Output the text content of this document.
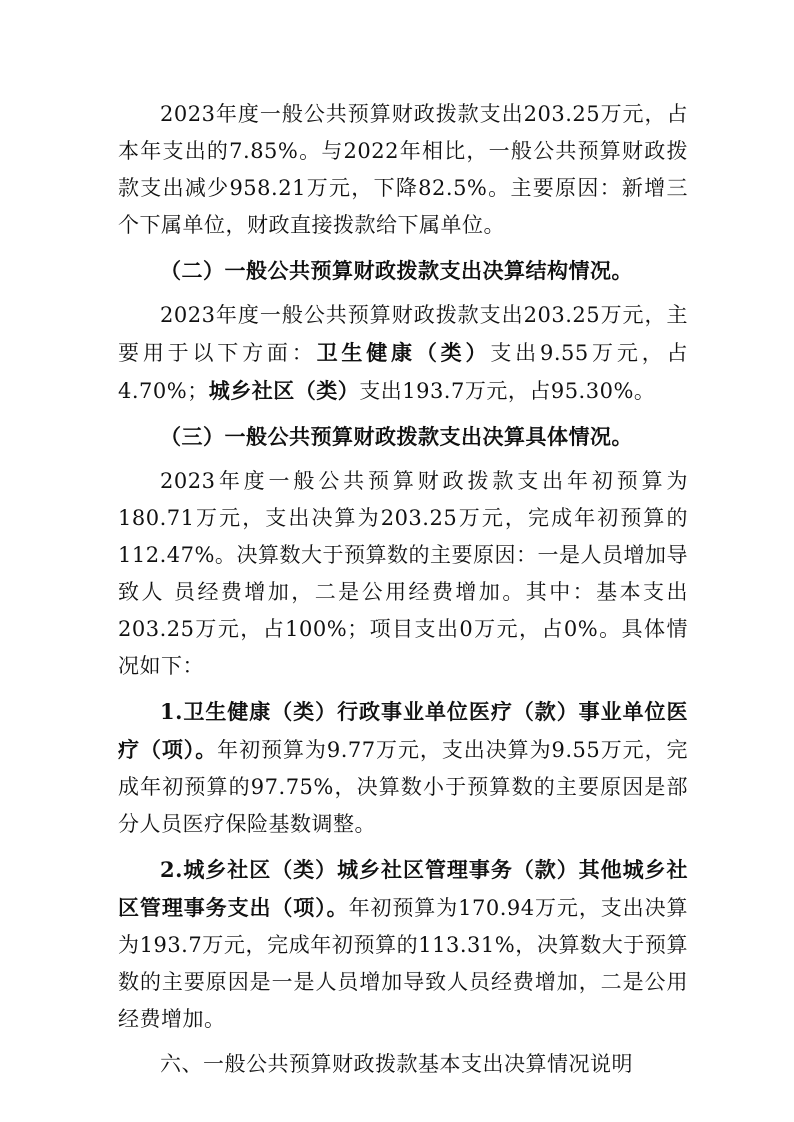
2023年度一般公共预算财政拨款支出203.25万元，占本年支出的7.85%。与2022年相比，一般公共预算财政拨款支出减少958.21万元，下降82.5%。主要原因：新增三 个下属单位，财政直接拨款给下属单位。

（二）一般公共预算财政拨款支出决算结构情况。

2023年度一般公共预算财政拨款支出203.25万元，主要用于以下方面：卫生健康（类）支出9.55万元，占4.70%；城乡社区（类）支出193.7万元，占95.30%。

（三）一般公共预算财政拨款支出决算具体情况。

2023年度一般公共预算财政拨款支出年初预算为180.71万元，支出决算为203.25万元，完成年初预算的112.47%。决算数大于预算数的主要原因：一是人员增加导致人 员经费增加，二是公用经费增加。其中：基本支出203.25万元，占100%；项目支出0万元，占0%。具体情况如下：

1.卫生健康（类）行政事业单位医疗（款）事业单位医疗（项）。年初预算为9.77万元，支出决算为9.55万元，完成年初预算的97.75%，决算数小于预算数的主要原因是部分人员医疗保险基数调整。

2.城乡社区（类）城乡社区管理事务（款）其他城乡社区管理事务支出（项）。年初预算为170.94万元，支出决算为193.7万元，完成年初预算的113.31%，决算数大于预算数的主要原因是一是人员增加导致人员经费增加，二是公用经费增加。

六、一般公共预算财政拨款基本支出决算情况说明
